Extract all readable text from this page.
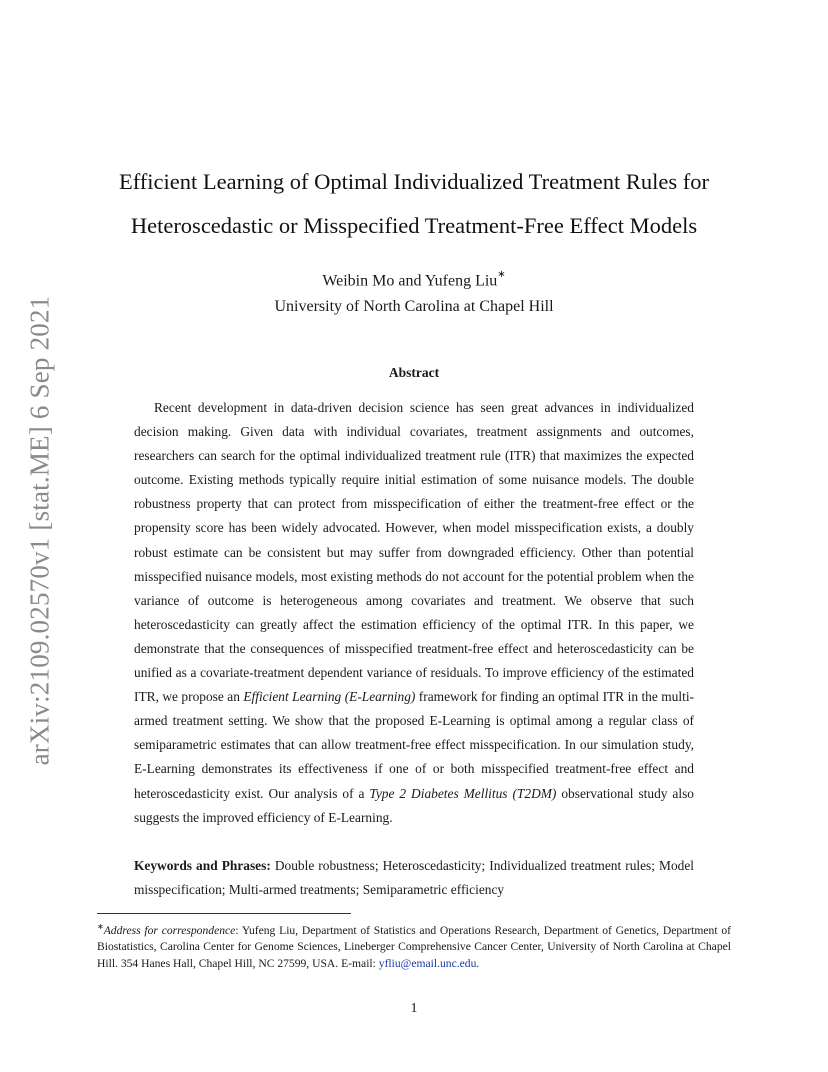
arXiv:2109.02570v1 [stat.ME] 6 Sep 2021
Efficient Learning of Optimal Individualized Treatment Rules for
Heteroscedastic or Misspecified Treatment-Free Effect Models
Weibin Mo and Yufeng Liu∗
University of North Carolina at Chapel Hill
Abstract

Recent development in data-driven decision science has seen great advances in individualized decision making. Given data with individual covariates, treatment assignments and outcomes, researchers can search for the optimal individualized treatment rule (ITR) that maximizes the expected outcome. Existing methods typically require initial estimation of some nuisance models. The double robustness property that can protect from misspecification of either the treatment-free effect or the propensity score has been widely advocated. However, when model misspecification exists, a doubly robust estimate can be consistent but may suffer from downgraded efficiency. Other than potential misspecified nuisance models, most existing methods do not account for the potential problem when the variance of outcome is heterogeneous among covariates and treatment. We observe that such heteroscedasticity can greatly affect the estimation efficiency of the optimal ITR. In this paper, we demonstrate that the consequences of misspecified treatment-free effect and heteroscedasticity can be unified as a covariate-treatment dependent variance of residuals. To improve efficiency of the estimated ITR, we propose an Efficient Learning (E-Learning) framework for finding an optimal ITR in the multi-armed treatment setting. We show that the proposed E-Learning is optimal among a regular class of semiparametric estimates that can allow treatment-free effect misspecification. In our simulation study, E-Learning demonstrates its effectiveness if one of or both misspecified treatment-free effect and heteroscedasticity exist. Our analysis of a Type 2 Diabetes Mellitus (T2DM) observational study also suggests the improved efficiency of E-Learning.

Keywords and Phrases: Double robustness; Heteroscedasticity; Individualized treatment rules; Model misspecification; Multi-armed treatments; Semiparametric efficiency

∗Address for correspondence: Yufeng Liu, Department of Statistics and Operations Research, Department of Genetics, Department of Biostatistics, Carolina Center for Genome Sciences, Lineberger Comprehensive Cancer Center, University of North Carolina at Chapel Hill. 354 Hanes Hall, Chapel Hill, NC 27599, USA. E-mail: yfliu@email.unc.edu.

1
